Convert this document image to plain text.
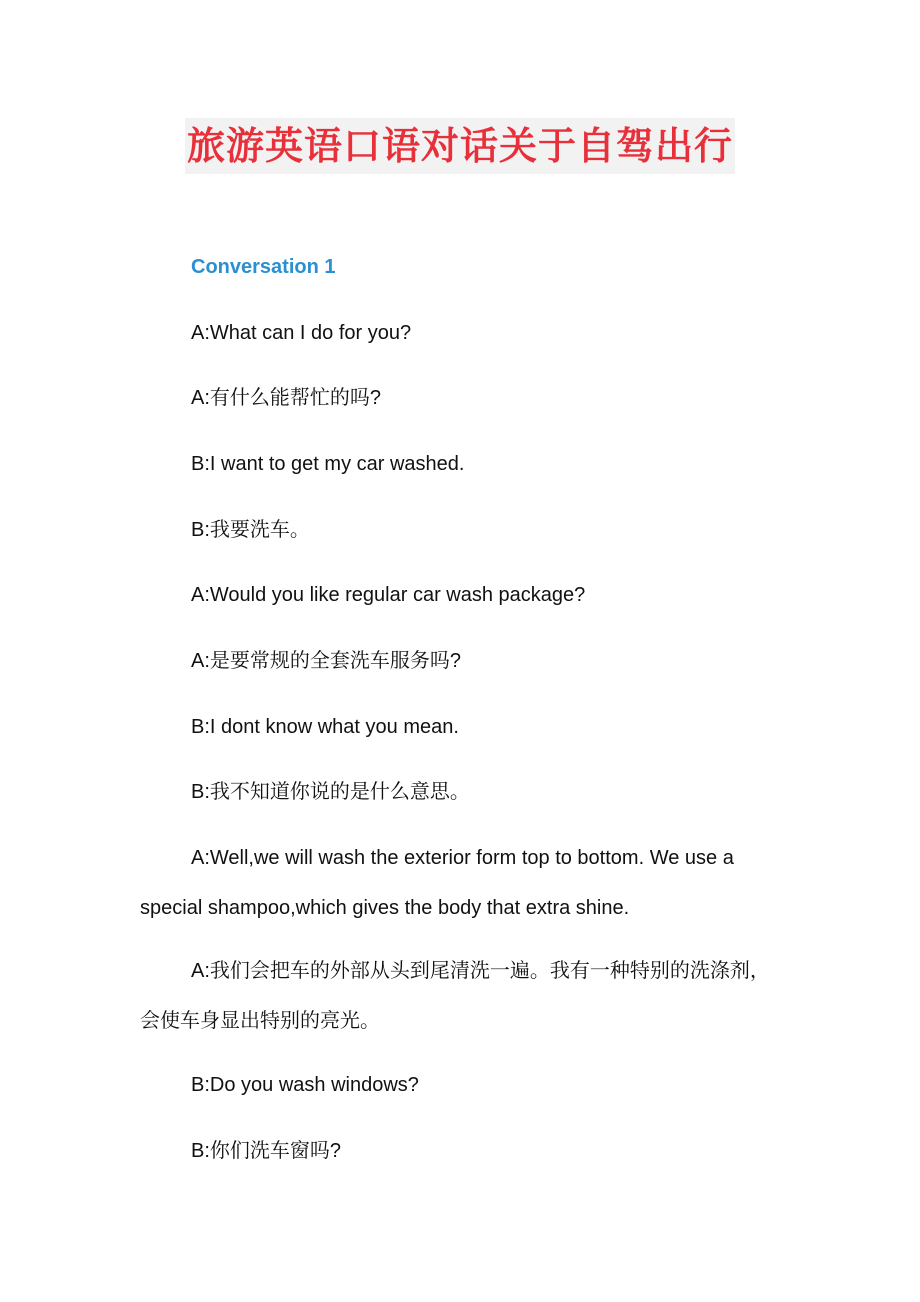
旅游英语口语对话关于自驾出行

Conversation 1

A:What can I do for you?

A:有什么能帮忙的吗?

B:I want to get my car washed.

B:我要洗车。

A:Would you like regular car wash package?

A:是要常规的全套洗车服务吗?

B:I dont know what you mean.

B:我不知道你说的是什么意思。

A:Well,we will wash the exterior form top to bottom. We use a special shampoo,which gives the body that extra shine.

A:我们会把车的外部从头到尾清洗一遍。我有一种特别的洗涤剂，会使车身显出特别的亮光。

B:Do you wash windows?

B:你们洗车窗吗?
